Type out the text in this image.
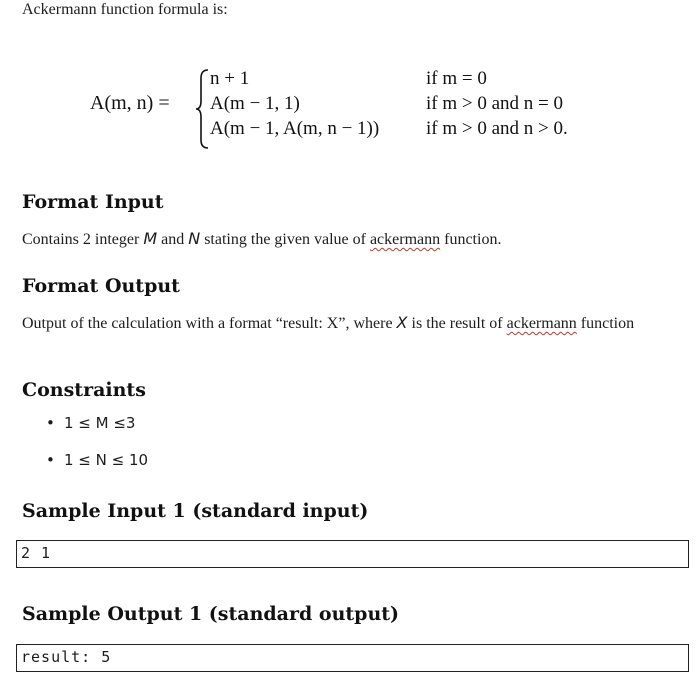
Ackermann function formula is:
A(m, n) =
n + 1	if m = 0
A(m − 1, 1)	if m > 0 and n = 0
A(m − 1, A(m, n − 1)) if m > 0 and n > 0.
Format Input
Contains 2 integer M and N stating the given value of ackermann function.
Format Output
Output of the calculation with a format “result: X”, where X is the result of ackermann function
Constraints
• 1 ≤ M ≤3
• 1 ≤ N ≤ 10
Sample Input 1 (standard input)
2 1
Sample Output 1 (standard output)
result: 5
